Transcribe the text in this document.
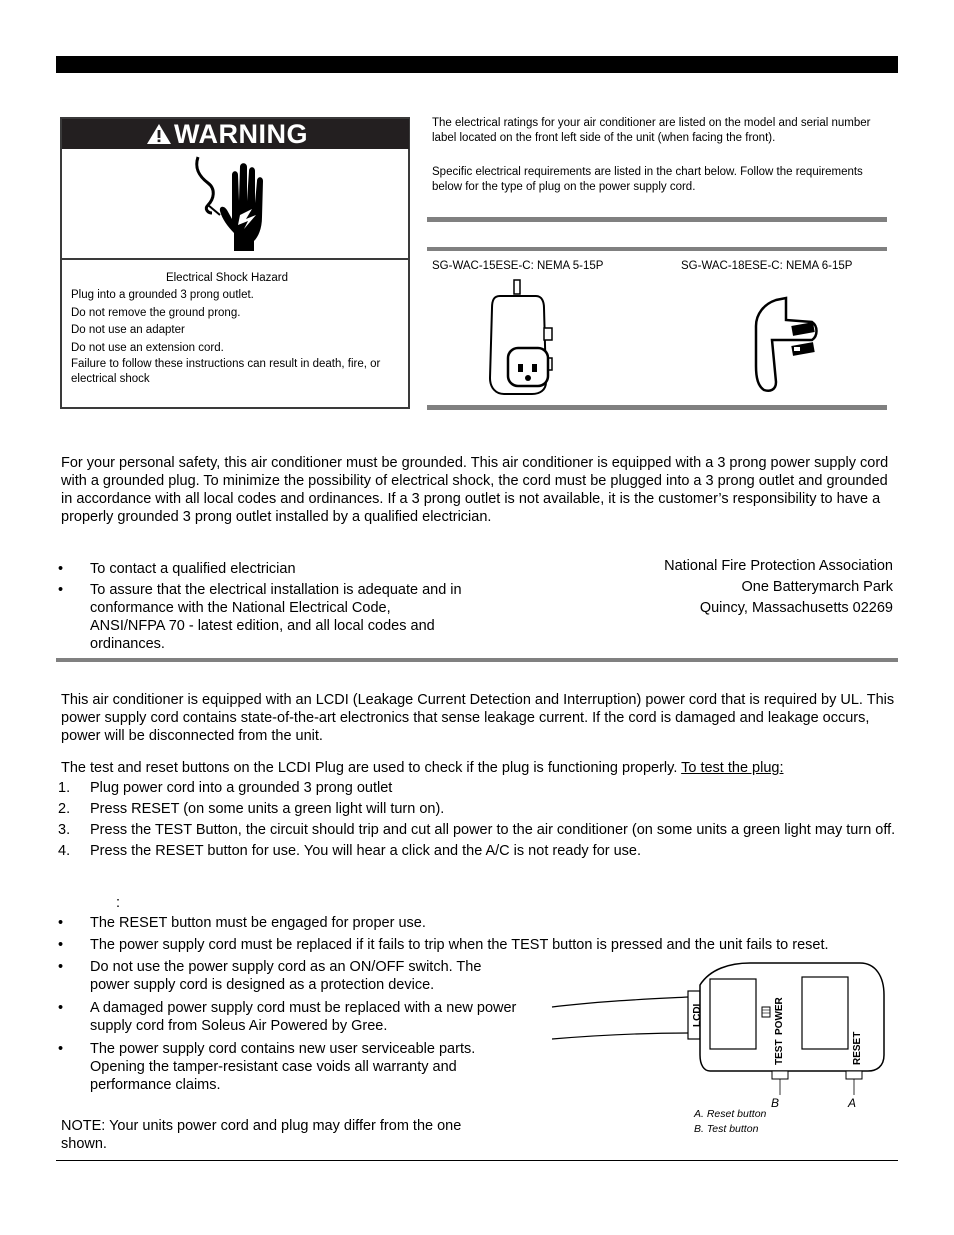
WARNING
Electrical Shock Hazard
Plug into a grounded 3 prong outlet.
Do not remove the ground prong.
Do not use an adapter
Do not use an extension cord.
Failure to follow these instructions can result in death, fire, or electrical shock
The electrical ratings for your air conditioner are listed on the model and serial number label located on the front left side of the unit (when facing the front).
Specific electrical requirements are listed in the chart below. Follow the requirements below for the type of plug on the power supply cord.
SG-WAC-15ESE-C: NEMA 5-15P	SG-WAC-18ESE-C: NEMA 6-15P
For your personal safety, this air conditioner must be grounded. This air conditioner is equipped with a 3 prong power supply cord with a grounded plug. To minimize the possibility of electrical shock, the cord must be plugged into a 3 prong outlet and grounded in accordance with all local codes and ordinances. If a 3 prong outlet is not available, it is the customer’s responsibility to have a properly grounded 3 prong outlet installed by a qualified electrician.
• To contact a qualified electrician
• To assure that the electrical installation is adequate and in conformance with the National Electrical Code, ANSI/NFPA 70 - latest edition, and all local codes and ordinances.
National Fire Protection Association
One Batterymarch Park
Quincy, Massachusetts 02269
This air conditioner is equipped with an LCDI (Leakage Current Detection and Interruption) power cord that is required by UL. This power supply cord contains state-of-the-art electronics that sense leakage current. If the cord is damaged and leakage occurs, power will be disconnected from the unit.
The test and reset buttons on the LCDI Plug are used to check if the plug is functioning properly. To test the plug:
1. Plug power cord into a grounded 3 prong outlet
2. Press RESET (on some units a green light will turn on).
3. Press the TEST Button, the circuit should trip and cut all power to the air conditioner (on some units a green light may turn off.
4. Press the RESET button for use. You will hear a click and the A/C is not ready for use.
:
• The RESET button must be engaged for proper use.
• The power supply cord must be replaced if it fails to trip when the TEST button is pressed and the unit fails to reset.
• Do not use the power supply cord as an ON/OFF switch. The power supply cord is designed as a protection device.
• A damaged power supply cord must be replaced with a new power supply cord from Soleus Air Powered by Gree.
• The power supply cord contains new user serviceable parts. Opening the tamper-resistant case voids all warranty and performance claims.
NOTE: Your units power cord and plug may differ from the one shown.
LCDI	POWER
TEST	RESET
B	A
A. Reset button
B. Test button
